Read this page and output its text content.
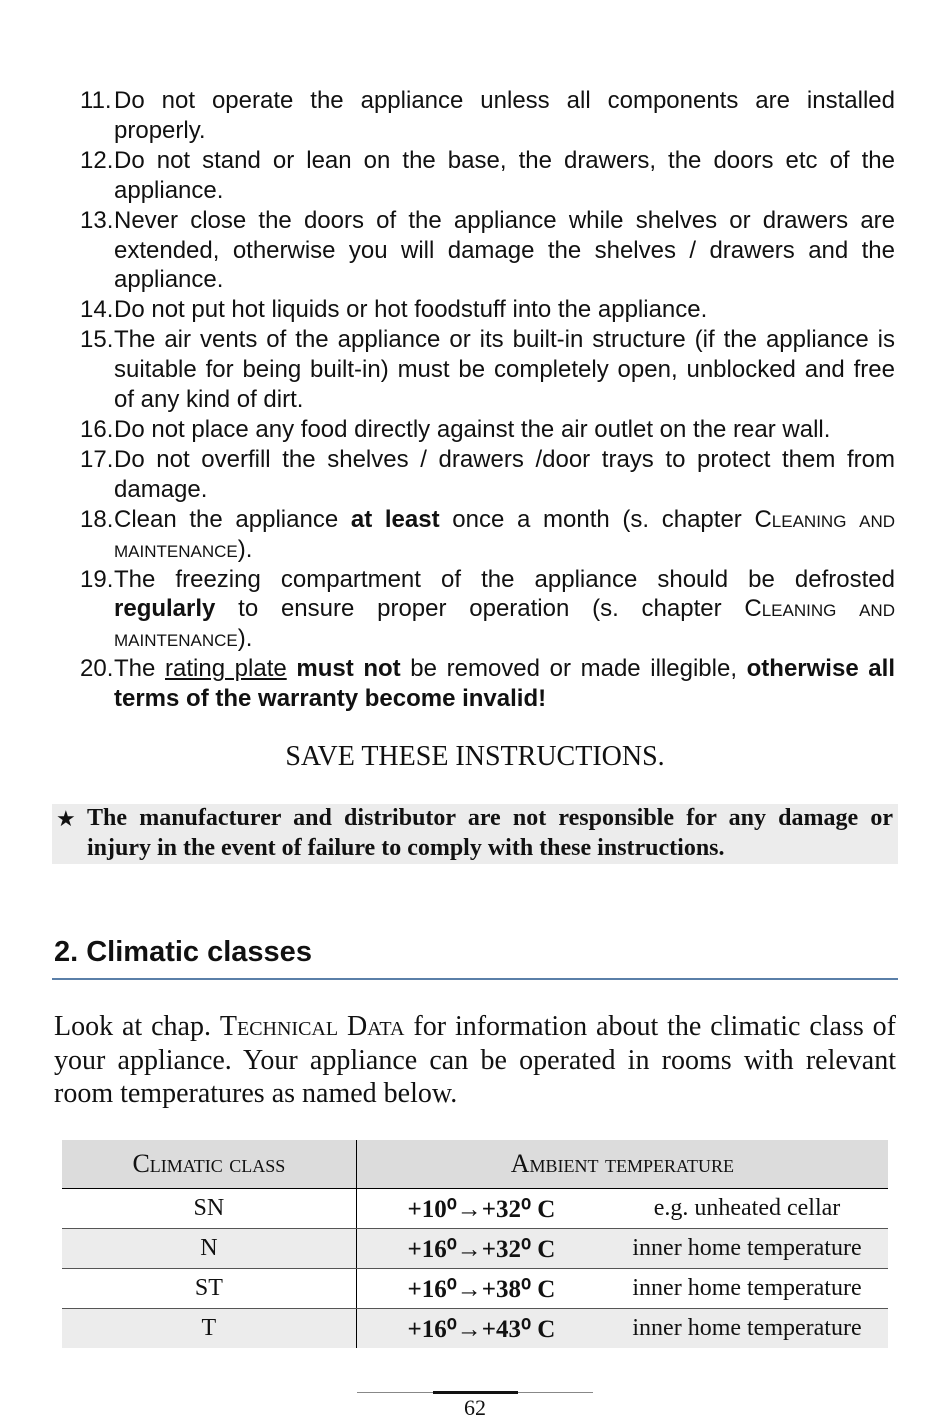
11. Do not operate the appliance unless all components are installed properly.
12. Do not stand or lean on the base, the drawers, the doors etc of the appliance.
13. Never close the doors of the appliance while shelves or drawers are extended, otherwise you will damage the shelves / drawers and the appliance.
14. Do not put hot liquids or hot foodstuff into the appliance.
15. The air vents of the appliance or its built-in structure (if the appliance is suitable for being built-in) must be completely open, unblocked and free of any kind of dirt.
16. Do not place any food directly against the air outlet on the rear wall.
17. Do not overfill the shelves / drawers /door trays to protect them from damage.
18. Clean the appliance at least once a month (s. chapter Cleaning and maintenance).
19. The freezing compartment of the appliance should be defrosted regularly to ensure proper operation (s. chapter Cleaning and maintenance).
20. The rating plate must not be removed or made illegible, otherwise all terms of the warranty become invalid!
SAVE THESE INSTRUCTIONS.
★ The manufacturer and distributor are not responsible for any damage or injury in the event of failure to comply with these instructions.
2. Climatic classes
Look at chap. Technical Data for information about the climatic class of your appliance. Your appliance can be operated in rooms with relevant room temperatures as named below.
Climatic class	Ambient temperature	
SN	+10⁰→+32⁰ C	e.g. unheated cellar
N	+16⁰→+32⁰ C	inner home temperature
ST	+16⁰→+38⁰ C	inner home temperature
T	+16⁰→+43⁰ C	inner home temperature
62
